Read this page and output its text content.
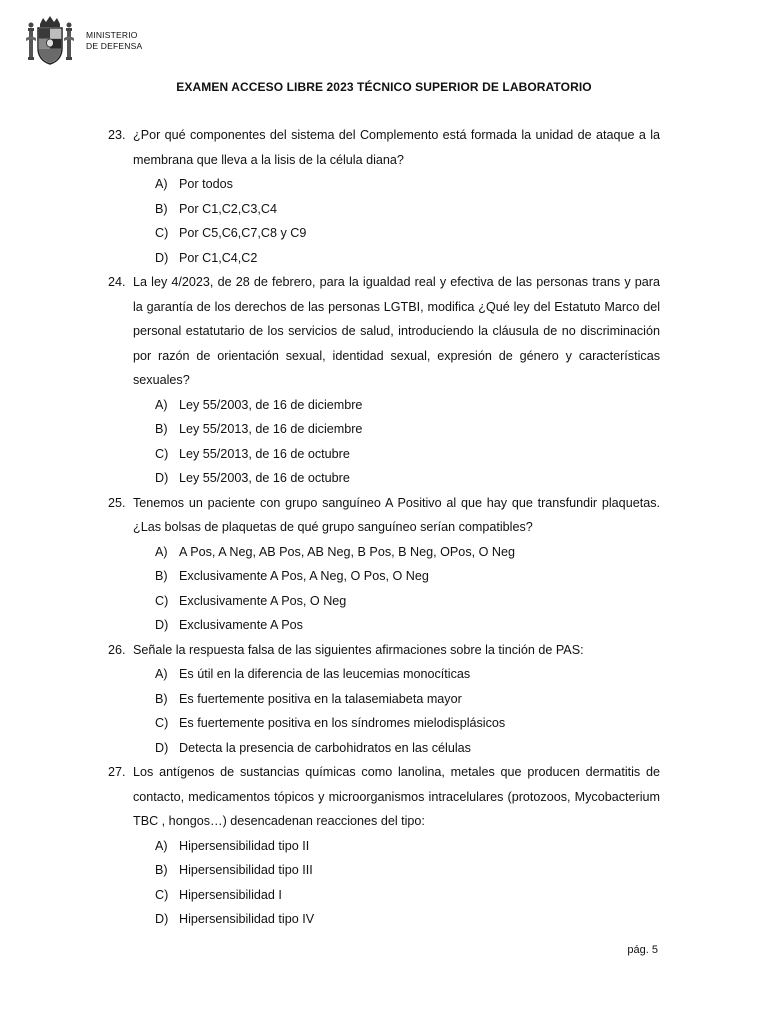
MINISTERIO
DE DEFENSA
EXAMEN ACCESO LIBRE 2023 TÉCNICO SUPERIOR DE LABORATORIO
23. ¿Por qué componentes del sistema del Complemento está formada la unidad de ataque a la membrana que lleva a la lisis de la célula diana?
A) Por todos
B) Por C1,C2,C3,C4
C) Por C5,C6,C7,C8 y C9
D) Por C1,C4,C2
24. La ley 4/2023, de 28 de febrero, para la igualdad real y efectiva de las personas trans y para la garantía de los derechos de las personas LGTBI, modifica ¿Qué ley del Estatuto Marco del personal estatutario de los servicios de salud, introduciendo la cláusula de no discriminación por razón de orientación sexual, identidad sexual, expresión de género y características sexuales?
A) Ley 55/2003, de 16 de diciembre
B) Ley 55/2013, de 16 de diciembre
C) Ley 55/2013, de 16 de octubre
D) Ley 55/2003, de 16 de octubre
25. Tenemos un paciente con grupo sanguíneo A Positivo al que hay que transfundir plaquetas. ¿Las bolsas de plaquetas de qué grupo sanguíneo serían compatibles?
A) A Pos, A Neg, AB Pos, AB Neg, B Pos, B Neg, OPos, O Neg
B) Exclusivamente A Pos, A Neg, O Pos, O Neg
C) Exclusivamente A Pos, O Neg
D) Exclusivamente A Pos
26. Señale la respuesta falsa de las siguientes afirmaciones sobre la tinción de PAS:
A) Es útil en la diferencia de las leucemias monocíticas
B) Es fuertemente positiva en la talasemiabeta mayor
C) Es fuertemente positiva en los síndromes mielodisplásicos
D) Detecta la presencia de carbohidratos en las células
27. Los antígenos de sustancias químicas como lanolina, metales que producen dermatitis de contacto, medicamentos tópicos y microorganismos intracelulares (protozoos, Mycobacterium TBC , hongos…) desencadenan reacciones del tipo:
A) Hipersensibilidad tipo II
B) Hipersensibilidad tipo III
C) Hipersensibilidad I
D) Hipersensibilidad tipo IV
pág. 5
